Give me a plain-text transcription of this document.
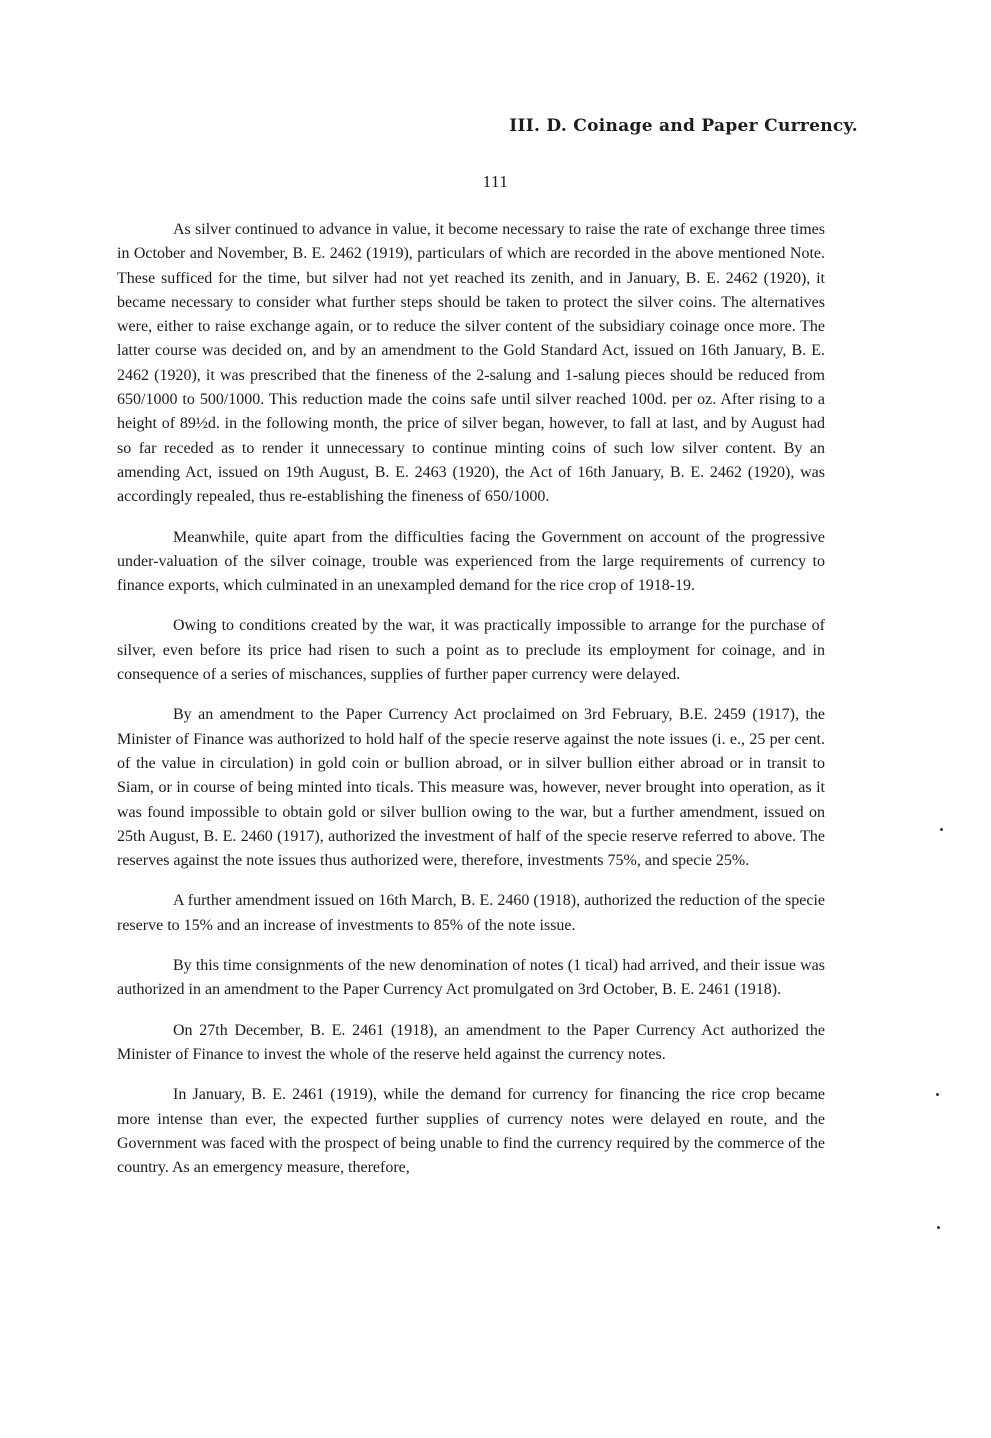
III. D. Coinage and Paper Currency.
111

As silver continued to advance in value, it become necessary to raise the rate of exchange three times in October and November, B. E. 2462 (1919), particulars of which are recorded in the above mentioned Note. These sufficed for the time, but silver had not yet reached its zenith, and in January, B. E. 2462 (1920), it became necessary to consider what further steps should be taken to protect the silver coins. The alternatives were, either to raise exchange again, or to reduce the silver content of the subsidiary coinage once more. The latter course was decided on, and by an amendment to the Gold Standard Act, issued on 16th January, B. E. 2462 (1920), it was prescribed that the fineness of the 2-salung and 1-salung pieces should be reduced from 650/1000 to 500/1000. This reduction made the coins safe until silver reached 100d. per oz. After rising to a height of 89½d. in the following month, the price of silver began, however, to fall at last, and by August had so far receded as to render it unnecessary to continue minting coins of such low silver content. By an amending Act, issued on 19th August, B. E. 2463 (1920), the Act of 16th January, B. E. 2462 (1920), was accordingly repealed, thus re-establishing the fineness of 650/1000.

Meanwhile, quite apart from the difficulties facing the Government on account of the progressive under-valuation of the silver coinage, trouble was experienced from the large requirements of currency to finance exports, which culminated in an unexampled demand for the rice crop of 1918-19.

Owing to conditions created by the war, it was practically impossible to arrange for the purchase of silver, even before its price had risen to such a point as to preclude its employment for coinage, and in consequence of a series of mischances, supplies of further paper currency were delayed.

By an amendment to the Paper Currency Act proclaimed on 3rd February, B.E. 2459 (1917), the Minister of Finance was authorized to hold half of the specie reserve against the note issues (i. e., 25 per cent. of the value in circulation) in gold coin or bullion abroad, or in silver bullion either abroad or in transit to Siam, or in course of being minted into ticals. This measure was, however, never brought into operation, as it was found impossible to obtain gold or silver bullion owing to the war, but a further amendment, issued on 25th August, B. E. 2460 (1917), authorized the investment of half of the specie reserve referred to above. The reserves against the note issues thus authorized were, therefore, investments 75%, and specie 25%.

A further amendment issued on 16th March, B. E. 2460 (1918), authorized the reduction of the specie reserve to 15% and an increase of investments to 85% of the note issue.

By this time consignments of the new denomination of notes (1 tical) had arrived, and their issue was authorized in an amendment to the Paper Currency Act promulgated on 3rd October, B. E. 2461 (1918).

On 27th December, B. E. 2461 (1918), an amendment to the Paper Currency Act authorized the Minister of Finance to invest the whole of the reserve held against the currency notes.

In January, B. E. 2461 (1919), while the demand for currency for financing the rice crop became more intense than ever, the expected further supplies of currency notes were delayed en route, and the Government was faced with the prospect of being unable to find the currency required by the commerce of the country. As an emergency measure, therefore,
